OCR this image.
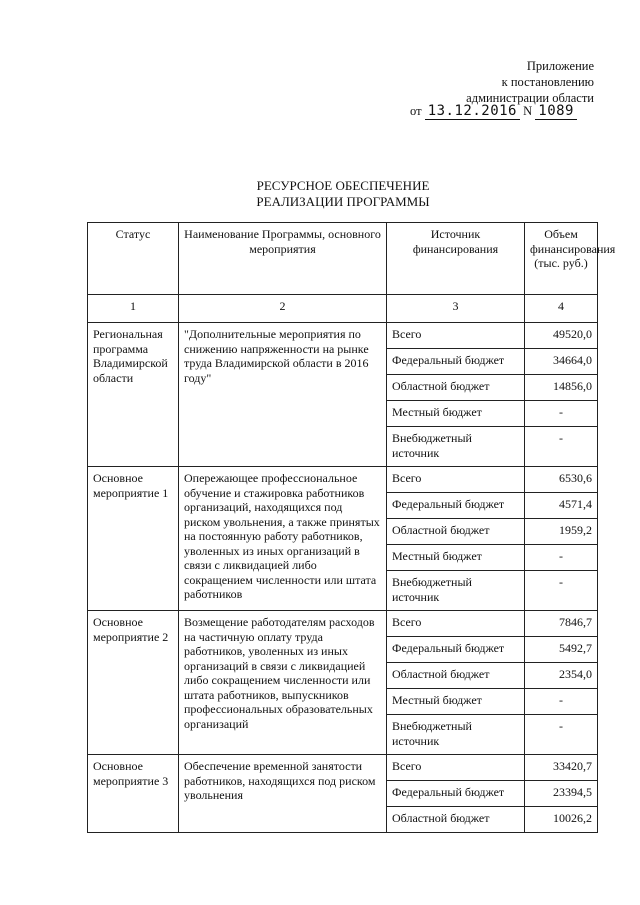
Приложение
к постановлению
администрации области
от 13.12.2016 N 1089
РЕСУРСНОЕ ОБЕСПЕЧЕНИЕ
РЕАЛИЗАЦИИ ПРОГРАММЫ
Статус	Наименование Программы, основного мероприятия	Источник финансирования	Объем финансирования (тыс. руб.)
1	2	3	4
Региональная программа Владимирской области	"Дополнительные мероприятия по снижению напряженности на рынке труда Владимирской области в 2016 году"	Всего	49520,0
		Федеральный бюджет	34664,0
		Областной бюджет	14856,0
		Местный бюджет	-
		Внебюджетный источник	-
Основное мероприятие 1	Опережающее профессиональное обучение и стажировка работников организаций, находящихся под риском увольнения, а также принятых на постоянную работу работников, уволенных из иных организаций в связи с ликвидацией либо сокращением численности или штата работников	Всего	6530,6
		Федеральный бюджет	4571,4
		Областной бюджет	1959,2
		Местный бюджет	-
		Внебюджетный источник	-
Основное мероприятие 2	Возмещение работодателям расходов на частичную оплату труда работников, уволенных из иных организаций в связи с ликвидацией либо сокращением численности или штата работников, выпускников профессиональных образовательных организаций	Всего	7846,7
		Федеральный бюджет	5492,7
		Областной бюджет	2354,0
		Местный бюджет	-
		Внебюджетный источник	-
Основное мероприятие 3	Обеспечение временной занятости работников, находящихся под риском увольнения	Всего	33420,7
		Федеральный бюджет	23394,5
		Областной бюджет	10026,2
